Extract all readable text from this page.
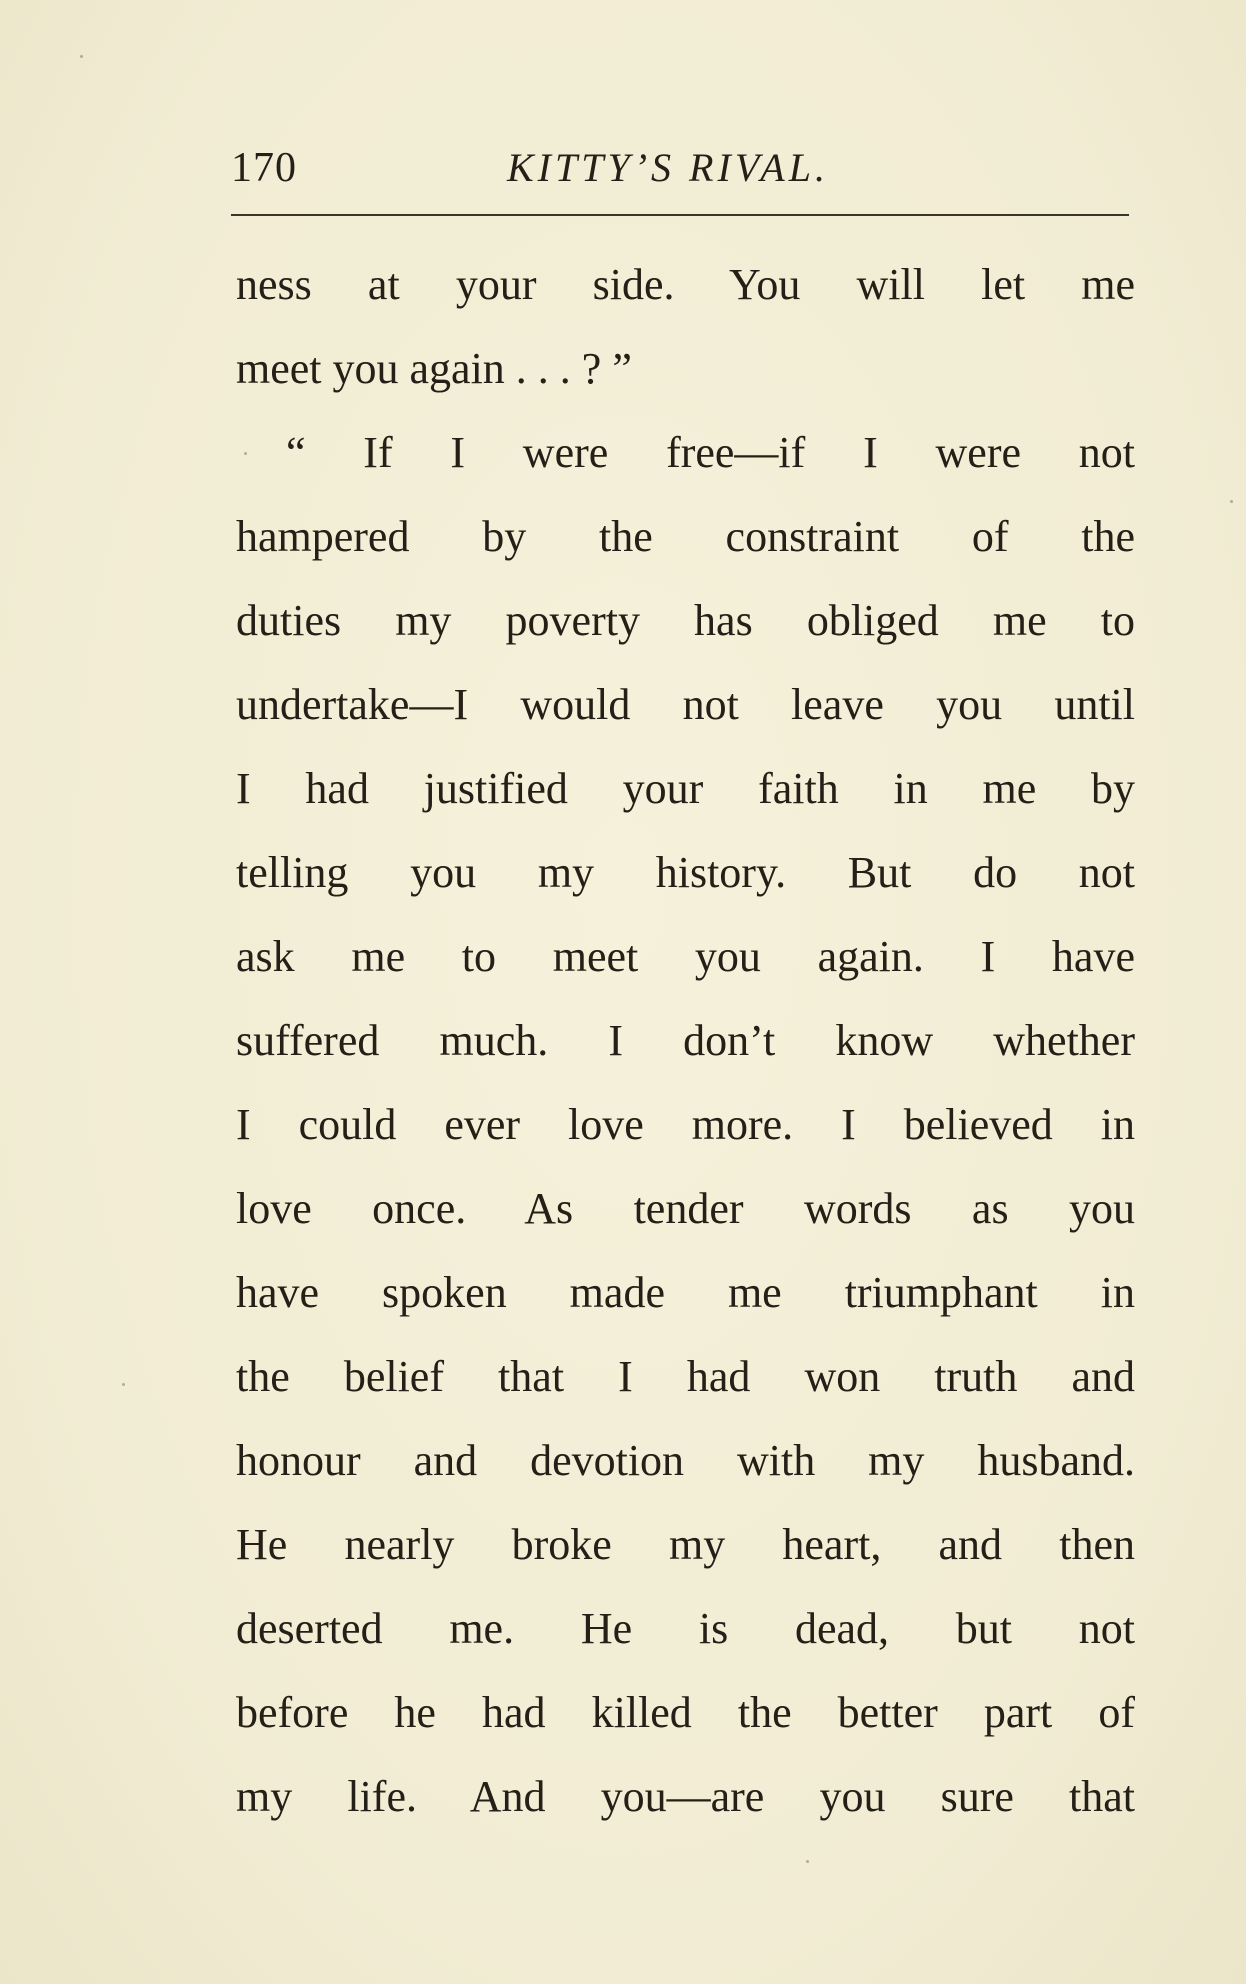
170	KITTY’S RIVAL.
ness at your side. You will let me
meet you again . . . ? ”
“ If I were free—if I were not
hampered by the constraint of the
duties my poverty has obliged me to
undertake—I would not leave you until
I had justified your faith in me by
telling you my history. But do not
ask me to meet you again. I have
suffered much. I don’t know whether
I could ever love more. I believed in
love once. As tender words as you
have spoken made me triumphant in
the belief that I had won truth and
honour and devotion with my husband.
He nearly broke my heart, and then
deserted me. He is dead, but not
before he had killed the better part of
my life. And you—are you sure that
